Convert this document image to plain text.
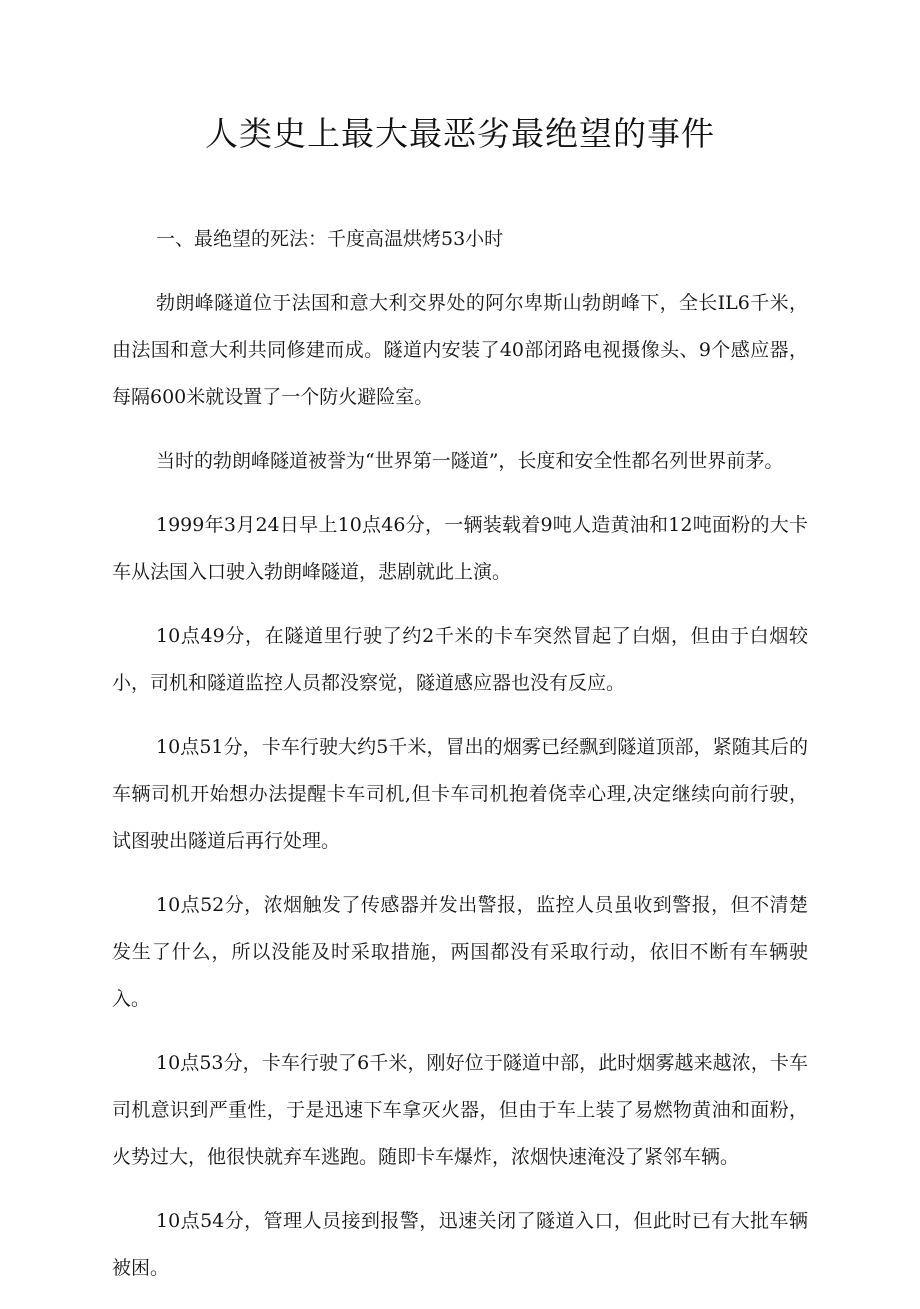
人类史上最大最恶劣最绝望的事件

一、最绝望的死法：千度高温烘烤53小时

勃朗峰隧道位于法国和意大利交界处的阿尔卑斯山勃朗峰下，全长IL6千米，由法国和意大利共同修建而成。隧道内安装了40部闭路电视摄像头、9个感应器，每隔600米就设置了一个防火避险室。

当时的勃朗峰隧道被誉为“世界第一隧道”，长度和安全性都名列世界前茅。

1999年3月24日早上10点46分，一辆装载着9吨人造黄油和12吨面粉的大卡车从法国入口驶入勃朗峰隧道，悲剧就此上演。

10点49分，在隧道里行驶了约2千米的卡车突然冒起了白烟，但由于白烟较小，司机和隧道监控人员都没察觉，隧道感应器也没有反应。

10点51分，卡车行驶大约5千米，冒出的烟雾已经飘到隧道顶部，紧随其后的车辆司机开始想办法提醒卡车司机,但卡车司机抱着侥幸心理,决定继续向前行驶，试图驶出隧道后再行处理。

10点52分，浓烟触发了传感器并发出警报，监控人员虽收到警报，但不清楚发生了什么，所以没能及时采取措施，两国都没有采取行动，依旧不断有车辆驶入。

10点53分，卡车行驶了6千米，刚好位于隧道中部，此时烟雾越来越浓，卡车司机意识到严重性，于是迅速下车拿灭火器，但由于车上装了易燃物黄油和面粉，火势过大，他很快就弃车逃跑。随即卡车爆炸，浓烟快速淹没了紧邻车辆。

10点54分，管理人员接到报警，迅速关闭了隧道入口，但此时已有大批车辆被困。
